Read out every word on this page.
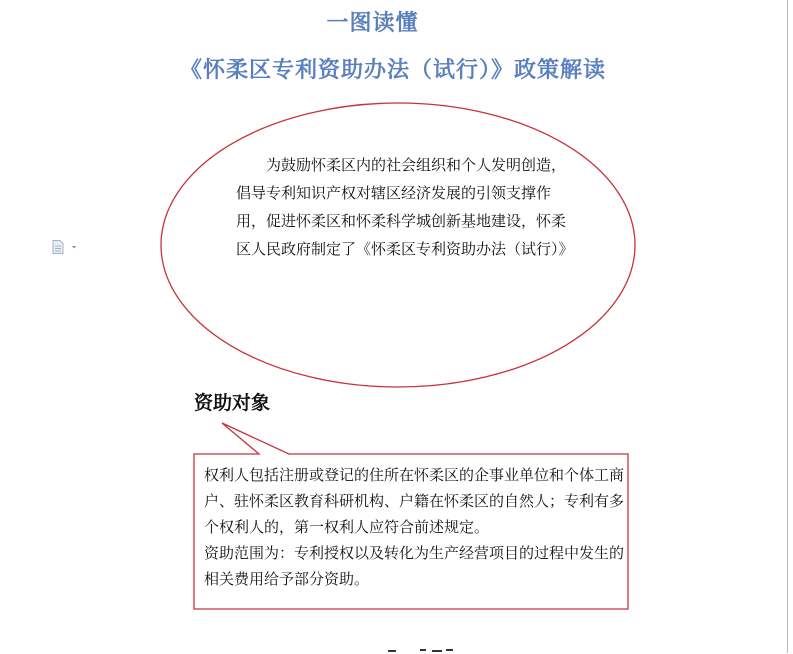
一图读懂
《怀柔区专利资助办法（试行）》政策解读
为鼓励怀柔区内的社会组织和个人发明创造，倡导专利知识产权对辖区经济发展的引领支撑作用，促进怀柔区和怀柔科学城创新基地建设，怀柔区人民政府制定了《怀柔区专利资助办法（试行）》
资助对象

权利人包括注册或登记的住所在怀柔区的企事业单位和个体工商户、驻怀柔区教育科研机构、户籍在怀柔区的自然人；专利有多个权利人的，第一权利人应符合前述规定。

资助范围为：专利授权以及转化为生产经营项目的过程中发生的相关费用给予部分资助。
